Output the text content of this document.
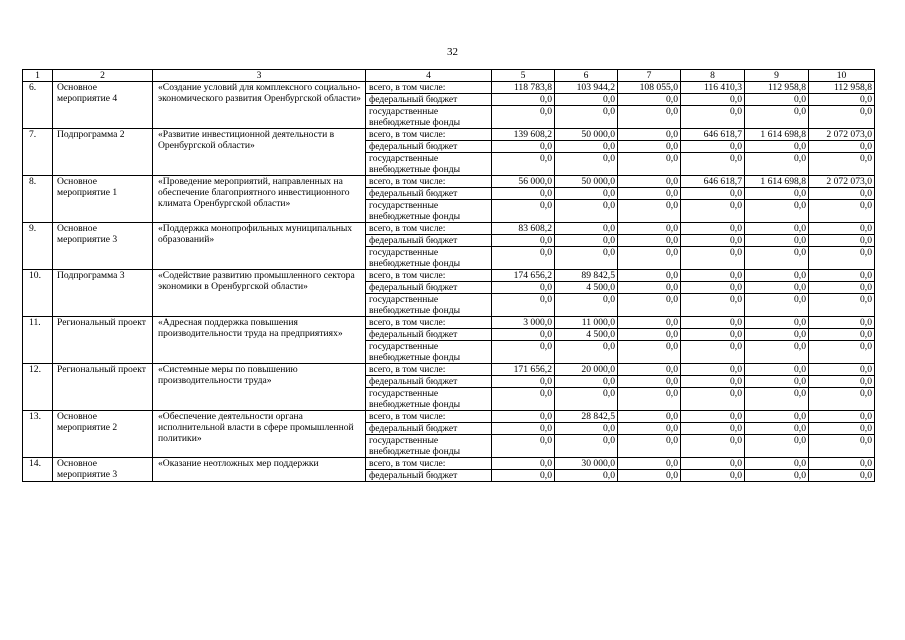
32
1	2	3	4	5	6	7	8	9	10
6.	Основное мероприятие 4	«Создание условий для комплексного социально-экономического развития Оренбургской области»	всего, в том числе:	118 783,8	103 944,2	108 055,0	116 410,3	112 958,8	112 958,8
			федеральный бюджет	0,0	0,0	0,0	0,0	0,0	0,0
			государственные внебюджетные фонды	0,0	0,0	0,0	0,0	0,0	0,0
7.	Подпрограмма 2	«Развитие инвестиционной деятельности в Оренбургской области»	всего, в том числе:	139 608,2	50 000,0	0,0	646 618,7	1 614 698,8	2 072 073,0
			федеральный бюджет	0,0	0,0	0,0	0,0	0,0	0,0
			государственные внебюджетные фонды	0,0	0,0	0,0	0,0	0,0	0,0
8.	Основное мероприятие 1	«Проведение мероприятий, направленных на обеспечение благоприятного инвестиционного климата Оренбургской области»	всего, в том числе:	56 000,0	50 000,0	0,0	646 618,7	1 614 698,8	2 072 073,0
			федеральный бюджет	0,0	0,0	0,0	0,0	0,0	0,0
			государственные внебюджетные фонды	0,0	0,0	0,0	0,0	0,0	0,0
9.	Основное мероприятие 3	«Поддержка монопрофильных муниципальных образований»	всего, в том числе:	83 608,2	0,0	0,0	0,0	0,0	0,0
			федеральный бюджет	0,0	0,0	0,0	0,0	0,0	0,0
			государственные внебюджетные фонды	0,0	0,0	0,0	0,0	0,0	0,0
10.	Подпрограмма 3	«Содействие развитию промышленного сектора экономики в Оренбургской области»	всего, в том числе:	174 656,2	89 842,5	0,0	0,0	0,0	0,0
			федеральный бюджет	0,0	4 500,0	0,0	0,0	0,0	0,0
			государственные внебюджетные фонды	0,0	0,0	0,0	0,0	0,0	0,0
11.	Региональный проект	«Адресная поддержка повышения производительности труда на предприятиях»	всего, в том числе:	3 000,0	11 000,0	0,0	0,0	0,0	0,0
			федеральный бюджет	0,0	4 500,0	0,0	0,0	0,0	0,0
			государственные внебюджетные фонды	0,0	0,0	0,0	0,0	0,0	0,0
12.	Региональный проект	«Системные меры по повышению производительности труда»	всего, в том числе:	171 656,2	20 000,0	0,0	0,0	0,0	0,0
			федеральный бюджет	0,0	0,0	0,0	0,0	0,0	0,0
			государственные внебюджетные фонды	0,0	0,0	0,0	0,0	0,0	0,0
13.	Основное мероприятие 2	«Обеспечение деятельности органа исполнительной власти в сфере промышленной политики»	всего, в том числе:	0,0	28 842,5	0,0	0,0	0,0	0,0
			федеральный бюджет	0,0	0,0	0,0	0,0	0,0	0,0
			государственные внебюджетные фонды	0,0	0,0	0,0	0,0	0,0	0,0
14.	Основное мероприятие 3	«Оказание неотложных мер поддержки	всего, в том числе:	0,0	30 000,0	0,0	0,0	0,0	0,0
			федеральный бюджет	0,0	0,0	0,0	0,0	0,0	0,0
